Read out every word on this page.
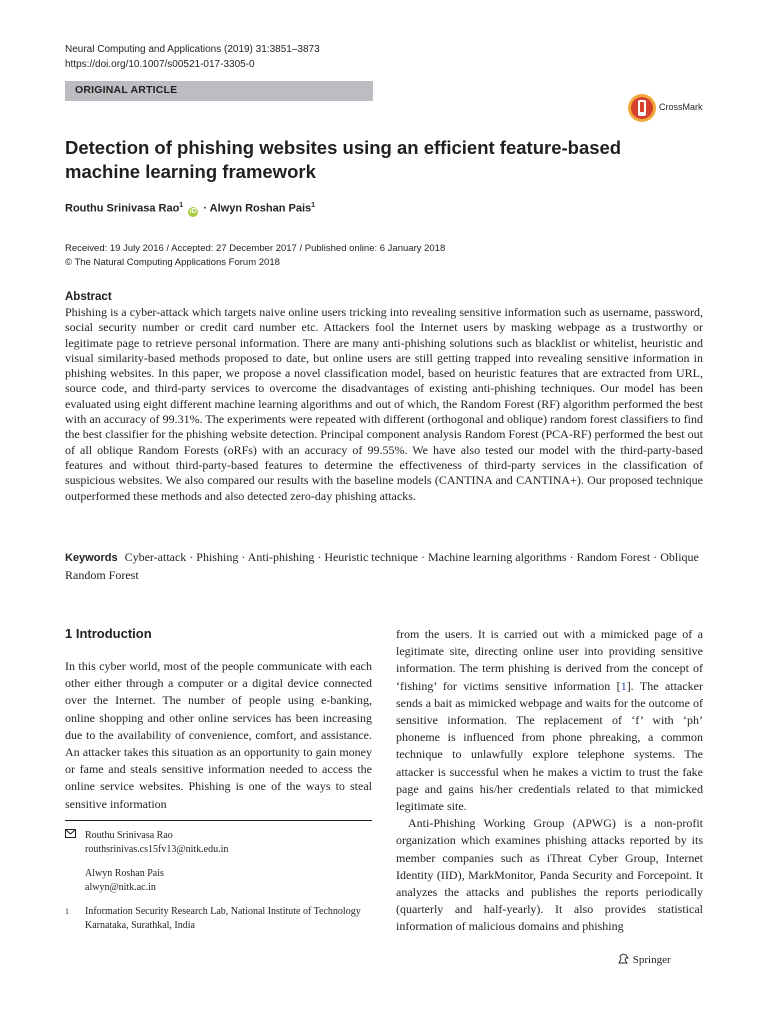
Neural Computing and Applications (2019) 31:3851–3873
https://doi.org/10.1007/s00521-017-3305-0
ORIGINAL ARTICLE
CrossMark
Detection of phishing websites using an efficient feature-based machine learning framework
Routhu Srinivasa Rao$^1$ iD · Alwyn Roshan Pais$^1$
Received: 19 July 2016 / Accepted: 27 December 2017 / Published online: 6 January 2018
© The Natural Computing Applications Forum 2018
Abstract
Phishing is a cyber-attack which targets naive online users tricking into revealing sensitive information such as username, password, social security number or credit card number etc. Attackers fool the Internet users by masking webpage as a trustworthy or legitimate page to retrieve personal information. There are many anti-phishing solutions such as blacklist or whitelist, heuristic and visual similarity-based methods proposed to date, but online users are still getting trapped into revealing sensitive information in phishing websites. In this paper, we propose a novel classification model, based on heuristic features that are extracted from URL, source code, and third-party services to overcome the disadvantages of existing anti-phishing techniques. Our model has been evaluated using eight different machine learning algorithms and out of which, the Random Forest (RF) algorithm performed the best with an accuracy of 99.31%. The experiments were repeated with different (orthogonal and oblique) random forest classifiers to find the best classifier for the phishing website detection. Principal component analysis Random Forest (PCA-RF) performed the best out of all oblique Random Forests (oRFs) with an accuracy of 99.55%. We have also tested our model with the third-party-based features and without third-party-based features to determine the effectiveness of third-party services in the classification of suspicious websites. We also compared our results with the baseline models (CANTINA and CANTINA+). Our proposed technique outperformed these methods and also detected zero-day phishing attacks.
Keywords Cyber-attack · Phishing · Anti-phishing · Heuristic technique · Machine learning algorithms · Random Forest · Oblique Random Forest
1 Introduction
In this cyber world, most of the people communicate with each other either through a computer or a digital device connected over the Internet. The number of people using e-banking, online shopping and other online services has been increasing due to the availability of convenience, comfort, and assistance. An attacker takes this situation as an opportunity to gain money or fame and steals sensitive information needed to access the online service websites. Phishing is one of the ways to steal sensitive information

from the users. It is carried out with a mimicked page of a legitimate site, directing online user into providing sensitive information. The term phishing is derived from the concept of ‘fishing’ for victims sensitive information [1]. The attacker sends a bait as mimicked webpage and waits for the outcome of sensitive information. The replacement of ‘f’ with ‘ph’ phoneme is influenced from phone phreaking, a common technique to unlawfully explore telephone systems. The attacker is successful when he makes a victim to trust the fake page and gains his/her credentials related to that mimicked legitimate site.

Anti-Phishing Working Group (APWG) is a non-profit organization which examines phishing attacks reported by its member companies such as iThreat Cyber Group, Internet Identity (IID), MarkMonitor, Panda Security and Forcepoint. It analyzes the attacks and publishes the reports periodically (quarterly and half-yearly). It also provides statistical information of malicious domains and phishing

Routhu Srinivasa Rao
routhsrinivas.cs15fv13@nitk.edu.in
Alwyn Roshan Pais
alwyn@nitk.ac.in
1 Information Security Research Lab, National Institute of Technology Karnataka, Surathkal, India
Springer
